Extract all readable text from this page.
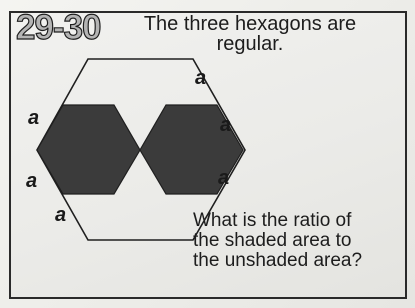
29-30	The three hexagons are
regular.
a
a
a
a
a
a	What is the ratio of
the shaded area to
the unshaded area?
